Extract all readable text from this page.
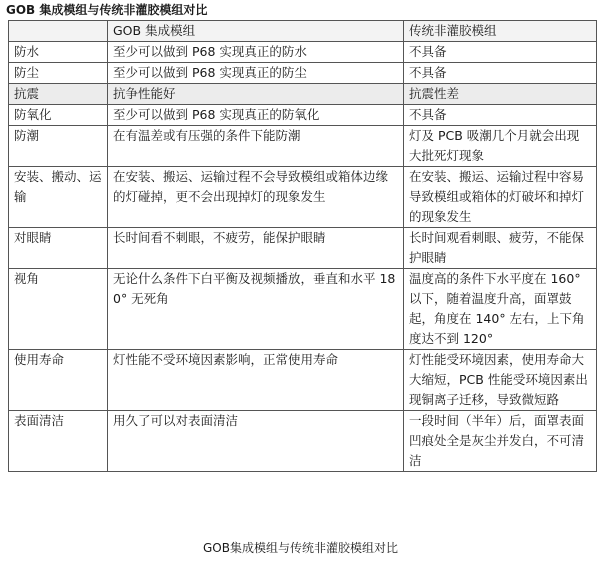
GOB 集成模组与传统非灌胶模组对比
	GOB 集成模组	传统非灌胶模组
防水	至少可以做到 P68 实现真正的防水	不具备
防尘	至少可以做到 P68 实现真正的防尘	不具备
抗震	抗争性能好	抗震性差
防氧化	至少可以做到 P68 实现真正的防氧化	不具备
防潮	在有温差或有压强的条件下能防潮	灯及 PCB 吸潮几个月就会出现大批死灯现象
安装、搬动、运输	在安装、搬运、运输过程不会导致模组或箱体边缘的灯碰掉，更不会出现掉灯的现象发生	在安装、搬运、运输过程中容易导致模组或箱体的灯破坏和掉灯的现象发生
对眼睛	长时间看不刺眼，不疲劳，能保护眼睛	长时间观看刺眼、疲劳，不能保护眼睛
视角	无论什么条件下白平衡及视频播放，垂直和水平 180° 无死角	温度高的条件下水平度在 160° 以下，随着温度升高，面罩鼓起，角度在 140° 左右，上下角度达不到 120°
使用寿命	灯性能不受环境因素影响，正常使用寿命	灯性能受环境因素，使用寿命大大缩短，PCB 性能受环境因素出现铜离子迁移，导致微短路
表面清洁	用久了可以对表面清洁	一段时间（半年）后，面罩表面凹痕处全是灰尘并发白，不可清洁
GOB集成模组与传统非灌胶模组对比
